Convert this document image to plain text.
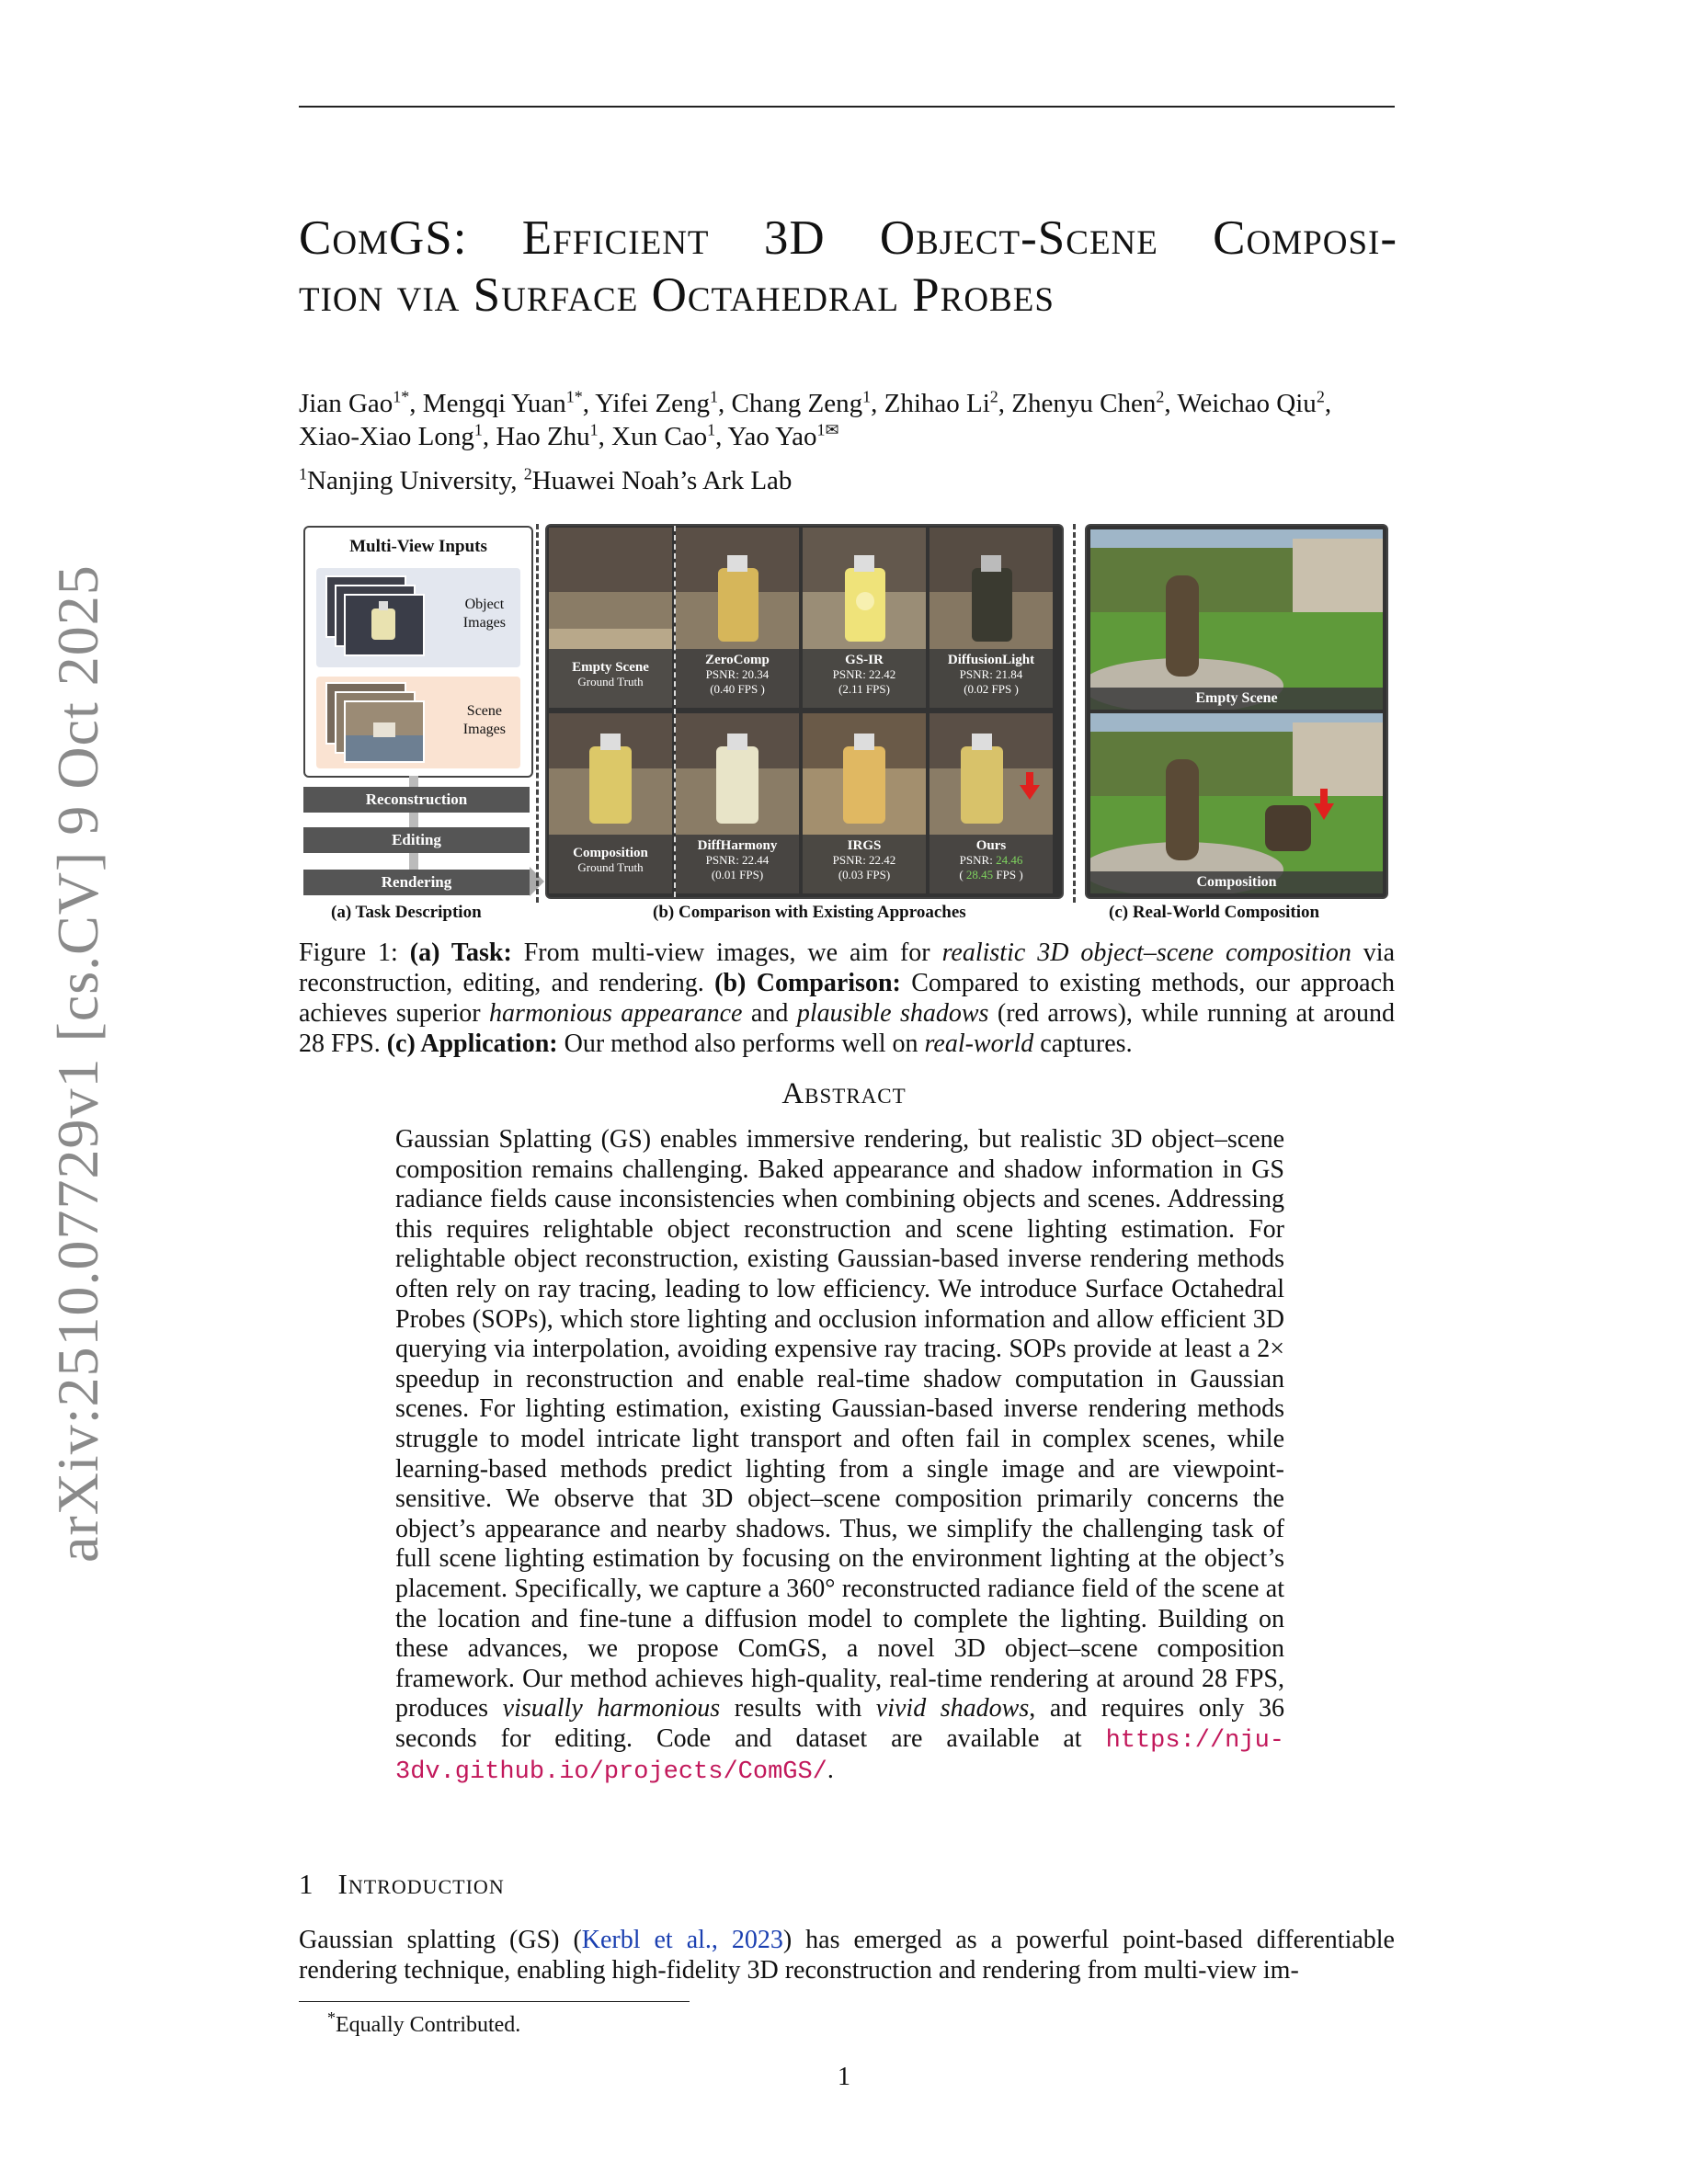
arXiv:2510.07729v1 [cs.CV] 9 Oct 2025
ComGS: Efficient 3D Object-Scene Composi-
tion via Surface Octahedral Probes
Jian Gao$^{1*}$, Mengqi Yuan$^{1*}$, Yifei Zeng$^1$, Chang Zeng$^1$, Zhihao Li$^2$, Zhenyu Chen$^2$, Weichao Qiu$^2$,
Xiao-Xiao Long$^1$, Hao Zhu$^1$, Xun Cao$^1$, Yao Yao$^{1✉}$
$^1$Nanjing University, $^2$Huawei Noah’s Ark Lab
Multi-View Inputs
Object
Images
Scene
Images
Reconstruction
Editing
Rendering
Empty Scene
Ground Truth
ZeroComp
PSNR: 20.34
(0.40 FPS )
GS-IR
PSNR: 22.42
(2.11 FPS)
DiffusionLight
PSNR: 21.84
(0.02 FPS )
Composition
Ground Truth
DiffHarmony
PSNR: 22.44
(0.01 FPS)
IRGS
PSNR: 22.42
(0.03 FPS)
Ours
PSNR: 24.46
( 28.45 FPS )
Empty Scene
Composition
(a) Task Description	(b) Comparison with Existing Approaches	(c) Real-World Composition
Figure 1: (a) Task: From multi-view images, we aim for realistic 3D object–scene composition via reconstruction, editing, and rendering. (b) Comparison: Compared to existing methods, our approach achieves superior harmonious appearance and plausible shadows (red arrows), while running at around 28 FPS. (c) Application: Our method also performs well on real-world captures.
Abstract
Gaussian Splatting (GS) enables immersive rendering, but realistic 3D object–scene composition remains challenging. Baked appearance and shadow information in GS radiance fields cause inconsistencies when combining objects and scenes. Addressing this requires relightable object reconstruction and scene lighting estimation. For relightable object reconstruction, existing Gaussian-based inverse rendering methods often rely on ray tracing, leading to low efficiency. We introduce Surface Octahedral Probes (SOPs), which store lighting and occlusion information and allow efficient 3D querying via interpolation, avoiding expensive ray tracing. SOPs provide at least a 2× speedup in reconstruction and enable real-time shadow computation in Gaussian scenes. For lighting estimation, existing Gaussian-based inverse rendering methods struggle to model intricate light transport and often fail in complex scenes, while learning-based methods predict lighting from a single image and are viewpoint-sensitive. We observe that 3D object–scene composition primarily concerns the object’s appearance and nearby shadows. Thus, we simplify the challenging task of full scene lighting estimation by focusing on the environment lighting at the object’s placement. Specifically, we capture a 360° reconstructed radiance field of the scene at the location and fine-tune a diffusion model to complete the lighting. Building on these advances, we propose ComGS, a novel 3D object–scene composition framework. Our method achieves high-quality, real-time rendering at around 28 FPS, produces visually harmonious results with vivid shadows, and requires only 36 seconds for editing. Code and dataset are available at https://nju-3dv.github.io/projects/ComGS/.
1 Introduction
Gaussian splatting (GS) (Kerbl et al., 2023) has emerged as a powerful point-based differentiable rendering technique, enabling high-fidelity 3D reconstruction and rendering from multi-view im-
*Equally Contributed.
1
